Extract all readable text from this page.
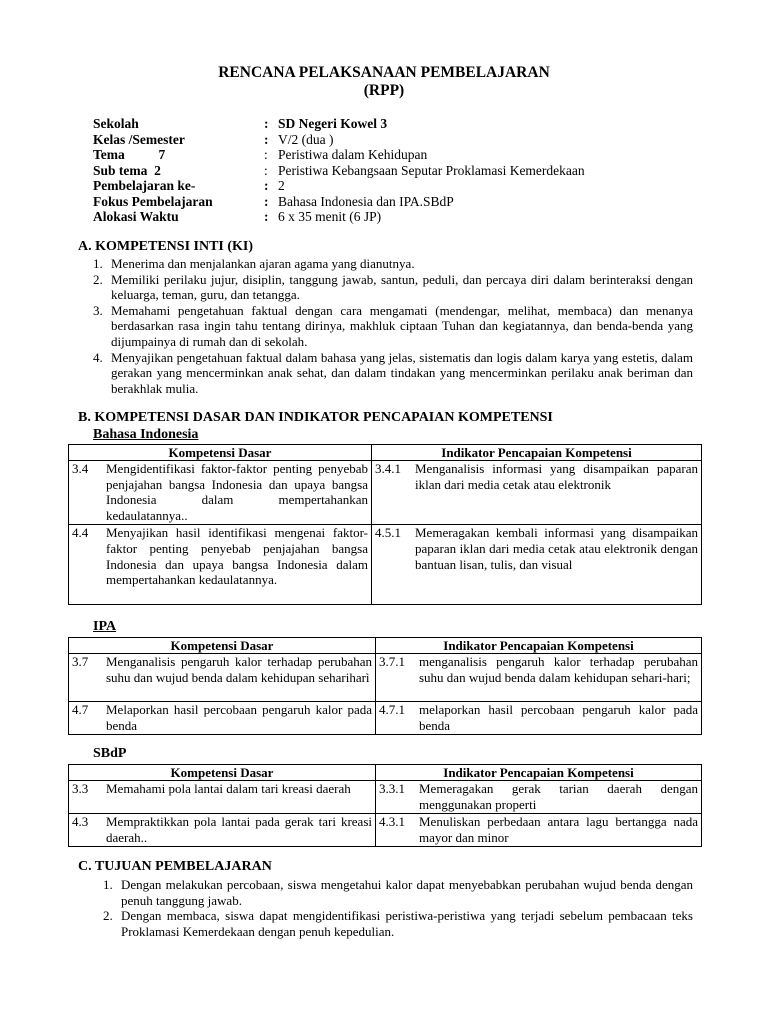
RENCANA PELAKSANAAN PEMBELAJARAN
(RPP)
Sekolah	: SD Negeri Kowel 3
Kelas /Semester	: V/2 (dua )
Tema          7	: Peristiwa dalam Kehidupan
Sub tema  2	: Peristiwa Kebangsaan Seputar Proklamasi Kemerdekaan
Pembelajaran ke-	: 2
Fokus Pembelajaran	: Bahasa Indonesia dan IPA.SBdP
Alokasi Waktu	: 6 x 35 menit (6 JP)
A. KOMPETENSI INTI (KI)
1. Menerima dan menjalankan ajaran agama yang dianutnya.
2. Memiliki perilaku jujur, disiplin, tanggung jawab, santun, peduli, dan percaya diri dalam berinteraksi dengan keluarga, teman, guru, dan tetangga.
3. Memahami pengetahuan faktual dengan cara mengamati (mendengar, melihat, membaca) dan menanya berdasarkan rasa ingin tahu tentang dirinya, makhluk ciptaan Tuhan dan kegiatannya, dan benda-benda yang dijumpainya di rumah dan di sekolah.
4. Menyajikan pengetahuan faktual dalam bahasa yang jelas, sistematis dan logis dalam karya yang estetis, dalam gerakan yang mencerminkan anak sehat, dan dalam tindakan yang mencerminkan perilaku anak beriman dan berakhlak mulia.
B. KOMPETENSI DASAR DAN INDIKATOR PENCAPAIAN KOMPETENSI
Bahasa Indonesia
Kompetensi Dasar	Indikator Pencapaian Kompetensi

3.4 Mengidentifikasi faktor-faktor penting penyebab penjajahan bangsa Indonesia dan upaya bangsa Indonesia dalam mempertahankan kedaulatannya..	3.4.1 Menganalisis informasi yang disampaikan paparan iklan dari media cetak atau elektronik

4.4 Menyajikan hasil identifikasi mengenai faktor-faktor penting penyebab penjajahan bangsa Indonesia dan upaya bangsa Indonesia dalam mempertahankan kedaulatannya.	4.5.1 Memeragakan kembali informasi yang disampaikan paparan iklan dari media cetak atau elektronik dengan bantuan lisan, tulis, dan visual
IPA
Kompetensi Dasar	Indikator Pencapaian Kompetensi

3.7 Menganalisis pengaruh kalor terhadap perubahan suhu dan wujud benda dalam kehidupan sehariharì	3.7.1 menganalisis pengaruh kalor terhadap perubahan suhu dan wujud benda dalam kehidupan sehari-hari;

4.7 Melaporkan hasil percobaan pengaruh kalor pada benda	4.7.1 melaporkan hasil percobaan pengaruh kalor pada benda
SBdP
Kompetensi Dasar	Indikator Pencapaian Kompetensi

3.3 Memahami pola lantai dalam tari kreasi daerah	3.3.1 Memeragakan gerak tarian daerah dengan menggunakan properti

4.3 Mempraktikkan pola lantai pada gerak tari kreasi daerah..	4.3.1 Menuliskan perbedaan antara lagu bertangga nada mayor dan minor
C. TUJUAN PEMBELAJARAN
1. Dengan melakukan percobaan, siswa mengetahui kalor dapat menyebabkan perubahan wujud benda dengan penuh tanggung jawab.
2. Dengan membaca, siswa dapat mengidentifikasi peristiwa-peristiwa yang terjadi sebelum pembacaan teks Proklamasi Kemerdekaan dengan penuh kepedulian.
